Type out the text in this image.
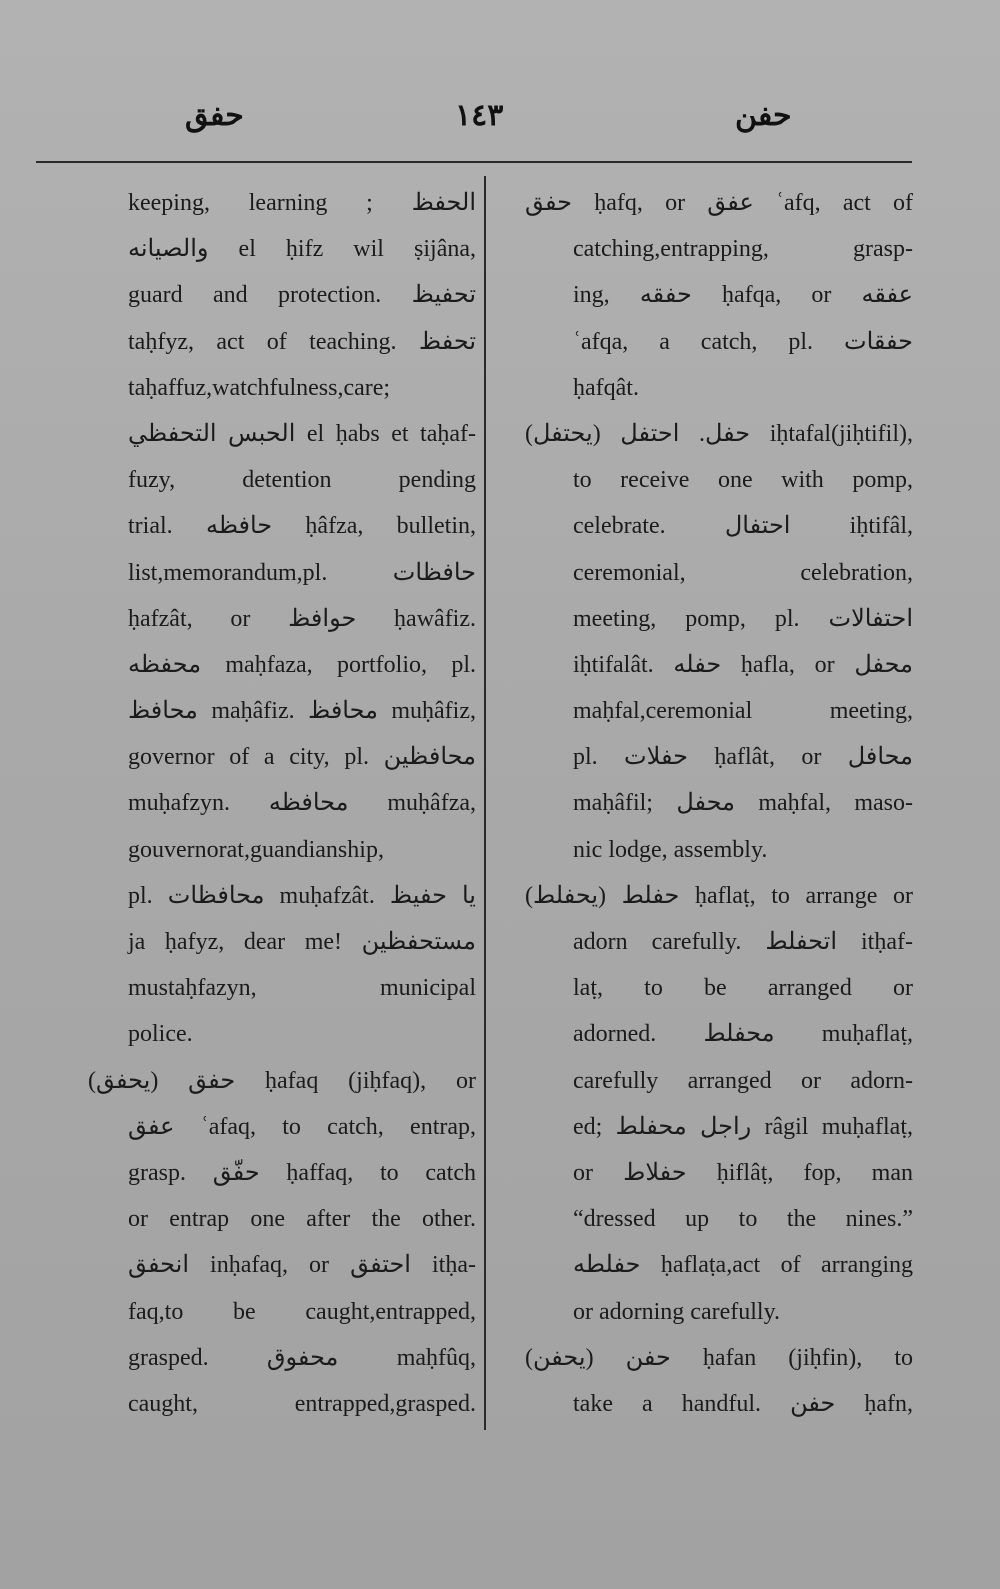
حفق	١٤٣	حفن
keeping, learning ; الحفظ
والصيانه el ḥifz wil ṣijâna,
guard and protection. تحفيظ
taḥfyz, act of teaching. تحفظ
taḥaffuz,watchfulness,care;
الحبس التحفظي el ḥabs et taḥaf-
fuzy, detention pending
trial. حافظه ḥâfza, bulletin,
list,memorandum,pl. حافظات
ḥafzât, or حوافظ ḥawâfiz.
محفظه maḥfaza, portfolio, pl.
محافظ maḥâfiz. محافظ muḥâfiz,
governor of a city, pl. محافظين
muḥafzyn. محافظه muḥâfza,
gouvernorat,guandianship,
pl. محافظات muḥafzât. يا حفيظ
ja ḥafyz, dear me! مستحفظين
mustaḥfazyn, municipal
police.
حفق (يحفق) ḥafaq (jiḥfaq), or
عفق ʿafaq, to catch, entrap,
grasp. حفّق ḥaffaq, to catch
or entrap one after the other.
انحفق inḥafaq, or احتفق itḥa-
faq,to be caught,entrapped,
grasped. محفوق maḥfûq,
caught, entrapped,grasped.
حفق ḥafq, or عفق ʿafq, act of
catching,entrapping, grasp-
ing, حفقه ḥafqa, or عفقه
ʿafqa, a catch, pl. حفقات
ḥafqât.
حفل. احتفل (يحتفل) iḥtafal(jiḥtifil),
to receive one with pomp,
celebrate. احتفال iḥtifâl,
ceremonial, celebration,
meeting, pomp, pl. احتفالات
iḥtifalât. حفله ḥafla, or محفل
maḥfal,ceremonial meeting,
pl. حفلات ḥaflât, or محافل
maḥâfil; محفل maḥfal, maso-
nic lodge, assembly.
حفلط (يحفلط) ḥaflaṭ, to arrange or
adorn carefully. اتحفلط itḥaf-
laṭ, to be arranged or
adorned. محفلط muḥaflaṭ,
carefully arranged or adorn-
ed; راجل محفلط râgil muḥaflaṭ,
or حفلاط ḥiflâṭ, fop, man
“dressed up to the nines.”
حفلطه ḥaflaṭa,act of arranging
or adorning carefully.
حفن (يحفن) ḥafan (jiḥfin), to
take a handful. حفن ḥafn,
